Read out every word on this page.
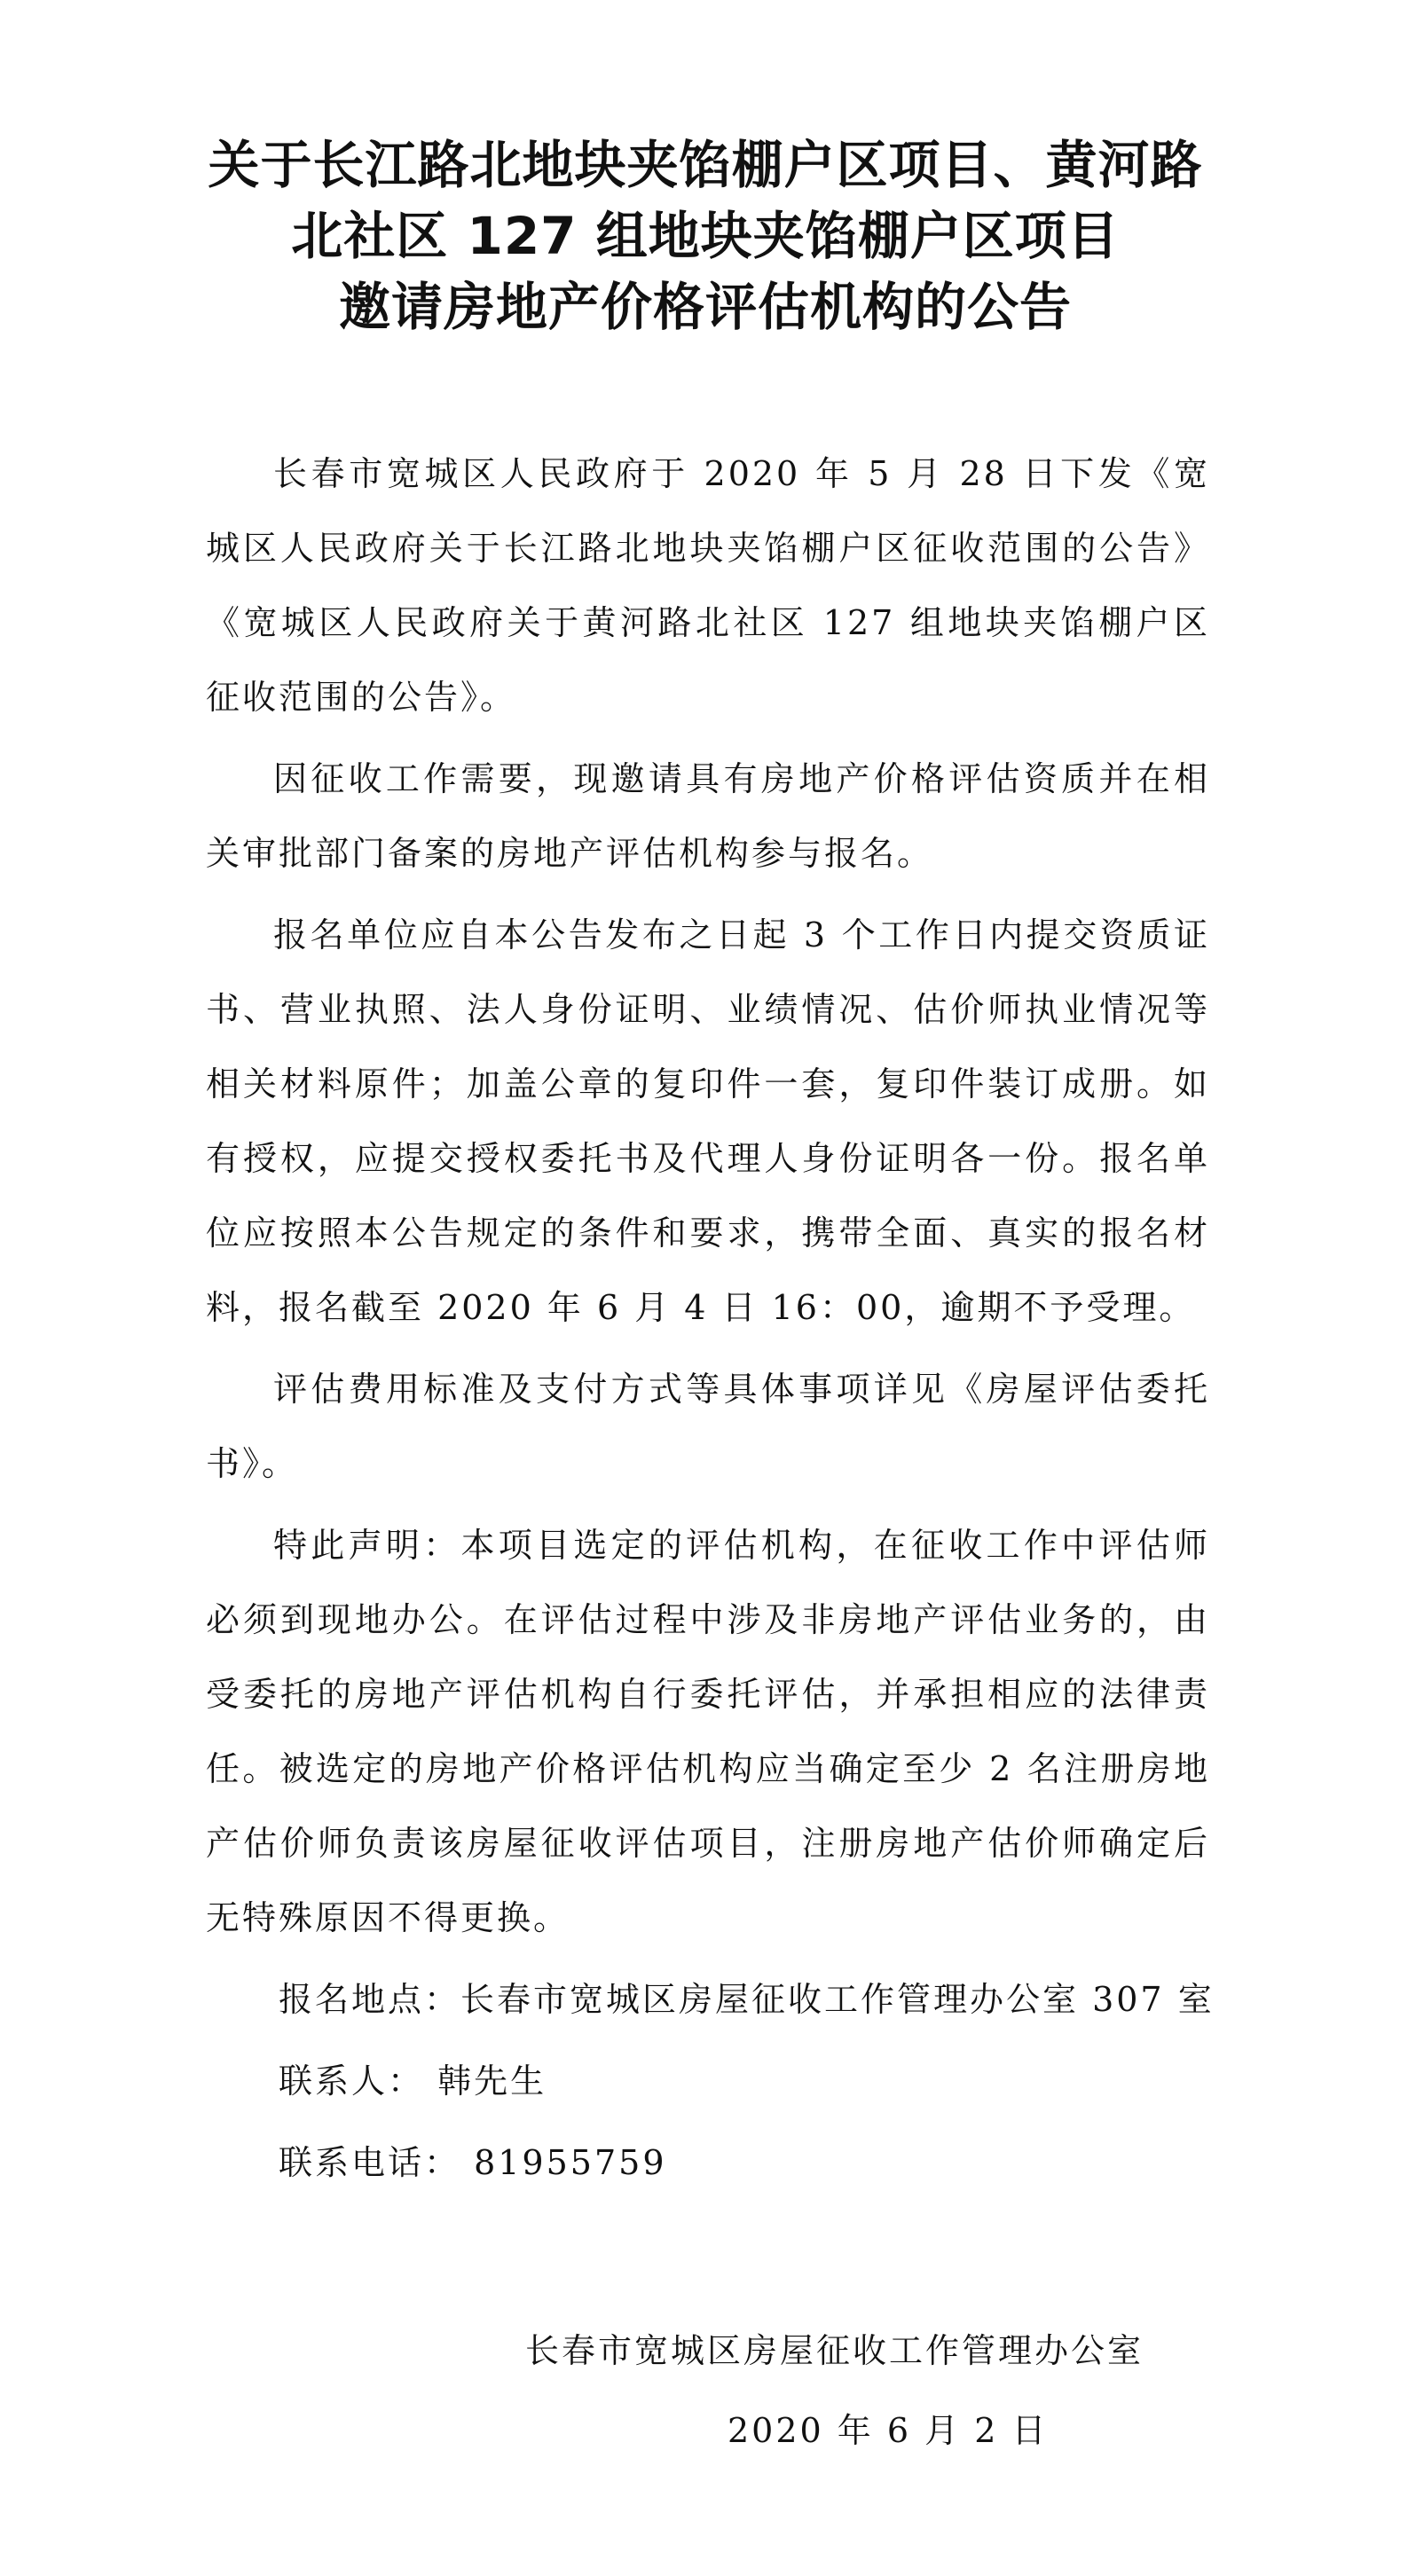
关于长江路北地块夹馅棚户区项目、黄河路
北社区 127 组地块夹馅棚户区项目
邀请房地产价格评估机构的公告

长春市宽城区人民政府于 2020 年 5 月 28 日下发《宽城区人民政府关于长江路北地块夹馅棚户区征收范围的公告》《宽城区人民政府关于黄河路北社区 127 组地块夹馅棚户区征收范围的公告》。

因征收工作需要，现邀请具有房地产价格评估资质并在相关审批部门备案的房地产评估机构参与报名。

报名单位应自本公告发布之日起 3 个工作日内提交资质证书、营业执照、法人身份证明、业绩情况、估价师执业情况等相关材料原件；加盖公章的复印件一套，复印件装订成册。如有授权，应提交授权委托书及代理人身份证明各一份。报名单位应按照本公告规定的条件和要求，携带全面、真实的报名材料，报名截至 2020 年 6 月 4 日 16：00，逾期不予受理。

评估费用标准及支付方式等具体事项详见《房屋评估委托书》。

特此声明：本项目选定的评估机构，在征收工作中评估师必须到现地办公。在评估过程中涉及非房地产评估业务的，由受委托的房地产评估机构自行委托评估，并承担相应的法律责任。被选定的房地产价格评估机构应当确定至少 2 名注册房地产估价师负责该房屋征收评估项目，注册房地产估价师确定后无特殊原因不得更换。

报名地点：长春市宽城区房屋征收工作管理办公室 307 室

联系人： 韩先生

联系电话： 81955759

长春市宽城区房屋征收工作管理办公室
2020 年 6 月 2 日
